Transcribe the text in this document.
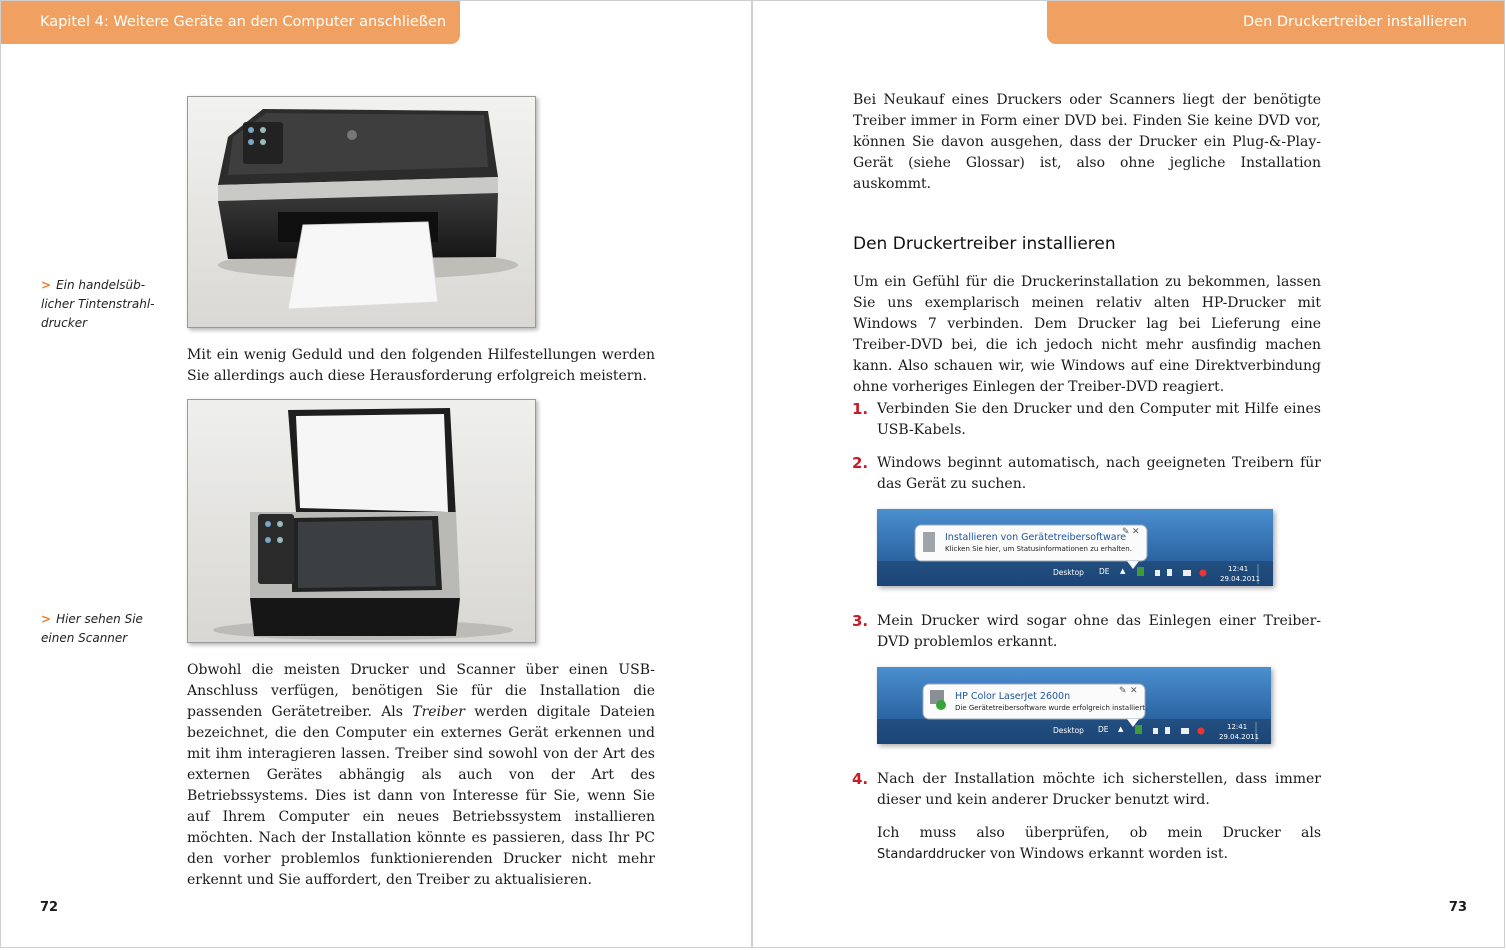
Kapitel 4: Weitere Geräte an den Computer anschließen
> Ein handelsüb-
licher Tintenstrahl-
drucker

Mit ein wenig Geduld und den folgenden Hilfestellungen werden Sie allerdings auch diese Herausforderung erfolgreich meistern.

> Hier sehen Sie
einen Scanner

Obwohl die meisten Drucker und Scanner über einen USB-Anschluss verfügen, benötigen Sie für die Installation die passenden Gerätetreiber. Als Treiber werden digitale Dateien bezeichnet, die den Computer ein externes Gerät erkennen und mit ihm interagieren lassen. Treiber sind sowohl von der Art des externen Gerätes abhängig als auch von der Art des Betriebssystems. Dies ist dann von Interesse für Sie, wenn Sie auf Ihrem Computer ein neues Betriebssystem installieren möchten. Nach der Installation könnte es passieren, dass Ihr PC den vorher problemlos funktionierenden Drucker nicht mehr erkennt und Sie auffordert, den Treiber zu aktualisieren.

72
Den Druckertreiber installieren
73

Bei Neukauf eines Druckers oder Scanners liegt der benötigte Treiber immer in Form einer DVD bei. Finden Sie keine DVD vor, können Sie davon ausgehen, dass der Drucker ein Plug-&-Play-Gerät (siehe Glossar) ist, also ohne jegliche Installation auskommt.

Den Druckertreiber installieren

Um ein Gefühl für die Druckerinstallation zu bekommen, lassen Sie uns exemplarisch meinen relativ alten HP-Drucker mit Windows 7 verbinden. Dem Drucker lag bei Lieferung eine Treiber-DVD bei, die ich jedoch nicht mehr ausfindig machen kann. Also schauen wir, wie Windows auf eine Direktverbindung ohne vorheriges Einlegen der Treiber-DVD reagiert.

1. Verbinden Sie den Drucker und den Computer mit Hilfe eines USB-Kabels.

2. Windows beginnt automatisch, nach geeigneten Treibern für das Gerät zu suchen.

Installieren von Gerätetreibersoftware
Klicken Sie hier, um Statusinformationen zu erhalten.
✎ ✕
Desktop DE ▲	12:41
29.04.2011
3. Mein Drucker wird sogar ohne das Einlegen einer Treiber-DVD problemlos erkannt.

HP Color LaserJet 2600n
Die Gerätetreibersoftware wurde erfolgreich installiert.
✎ ✕
Desktop DE ▲	12:41
29.04.2011
4. Nach der Installation möchte ich sicherstellen, dass immer dieser und kein anderer Drucker benutzt wird.

Ich muss also überprüfen, ob mein Drucker als Standarddrucker von Windows erkannt worden ist.
